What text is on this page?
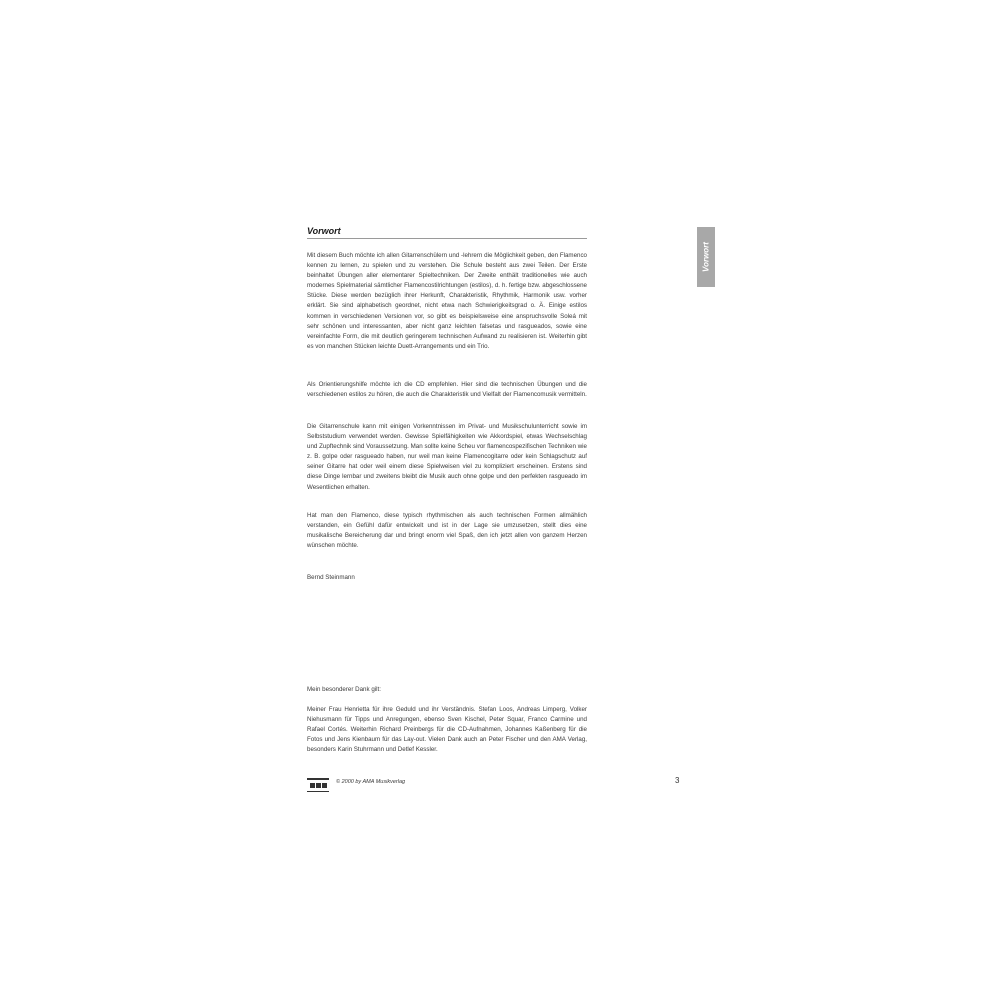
Vorwort

Mit diesem Buch möchte ich allen Gitarrenschülern und -lehrern die Möglichkeit geben, den Flamenco kennen zu lernen, zu spielen und zu verstehen. Die Schule besteht aus zwei Teilen. Der Erste beinhaltet Übungen aller elementarer Spieltechniken. Der Zweite enthält traditionelles wie auch modernes Spielmaterial sämtlicher Flamencostilrichtungen (estilos), d. h. fertige bzw. abgeschlossene Stücke. Diese werden bezüglich ihrer Herkunft, Charakteristik, Rhythmik, Harmonik usw. vorher erklärt. Sie sind alphabetisch geordnet, nicht etwa nach Schwierigkeitsgrad o. Ä. Einige estilos kommen in verschiedenen Versionen vor, so gibt es beispielsweise eine anspruchsvolle Soleá mit sehr schönen und interessanten, aber nicht ganz leichten falsetas und rasgueados, sowie eine vereinfachte Form, die mit deutlich geringerem technischen Aufwand zu realisieren ist. Weiterhin gibt es von manchen Stücken leichte Duett-Arrangements und ein Trio.

Als Orientierungshilfe möchte ich die CD empfehlen. Hier sind die technischen Übungen und die verschiedenen estilos zu hören, die auch die Charakteristik und Vielfalt der Flamencomusik vermitteln.

Die Gitarrenschule kann mit einigen Vorkenntnissen im Privat- und Musikschulunterricht sowie im Selbststudium verwendet werden. Gewisse Spielfähigkeiten wie Akkordspiel, etwas Wechselschlag und Zupftechnik sind Voraussetzung. Man sollte keine Scheu vor flamencospezifischen Techniken wie z. B. golpe oder rasgueado haben, nur weil man keine Flamencogitarre oder kein Schlagschutz auf seiner Gitarre hat oder weil einem diese Spielweisen viel zu kompliziert erscheinen. Erstens sind diese Dinge lernbar und zweitens bleibt die Musik auch ohne golpe und den perfekten rasgueado im Wesentlichen erhalten.

Hat man den Flamenco, diese typisch rhythmischen als auch technischen Formen allmählich verstanden, ein Gefühl dafür entwickelt und ist in der Lage sie umzusetzen, stellt dies eine musikalische Bereicherung dar und bringt enorm viel Spaß, den ich jetzt allen von ganzem Herzen wünschen möchte.

Bernd Steinmann

Mein besonderer Dank gilt:

Meiner Frau Henrietta für ihre Geduld und ihr Verständnis. Stefan Loos, Andreas Limperg, Volker Niehusmann für Tipps und Anregungen, ebenso Sven Kischel, Peter Squar, Franco Carmine und Rafael Cortés. Weiterhin Richard Preinbergs für die CD-Aufnahmen, Johannes Kaßenberg für die Fotos und Jens Kienbaum für das Lay-out. Vielen Dank auch an Peter Fischer und den AMA Verlag, besonders Karin Stuhrmann und Detlef Kessler.

Vorwort

© 2000 by AMA Musikverlag	3
